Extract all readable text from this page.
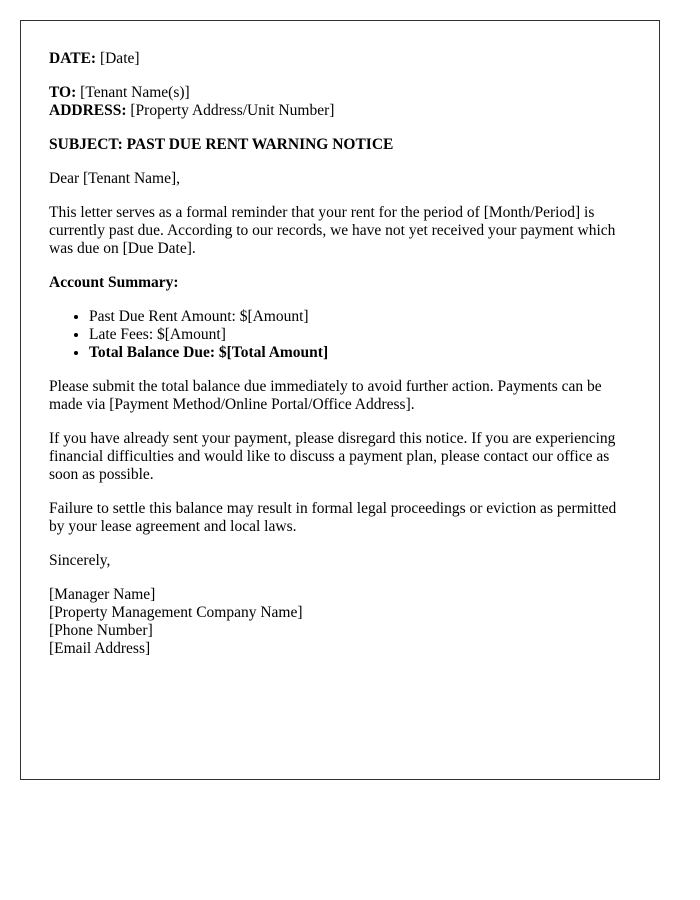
DATE: [Date]

TO: [Tenant Name(s)]

ADDRESS: [Property Address/Unit Number]

SUBJECT: PAST DUE RENT WARNING NOTICE

Dear [Tenant Name],

This letter serves as a formal reminder that your rent for the period of [Month/Period] is currently past due. According to our records, we have not yet received your payment which was due on [Due Date].

Account Summary:

• Past Due Rent Amount: $[Amount]
• Late Fees: $[Amount]
• Total Balance Due: $[Total Amount]

Please submit the total balance due immediately to avoid further action. Payments can be made via [Payment Method/Online Portal/Office Address].

If you have already sent your payment, please disregard this notice. If you are experiencing financial difficulties and would like to discuss a payment plan, please contact our office as soon as possible.

Failure to settle this balance may result in formal legal proceedings or eviction as permitted by your lease agreement and local laws.

Sincerely,

[Manager Name]

[Property Management Company Name]

[Phone Number]

[Email Address]
